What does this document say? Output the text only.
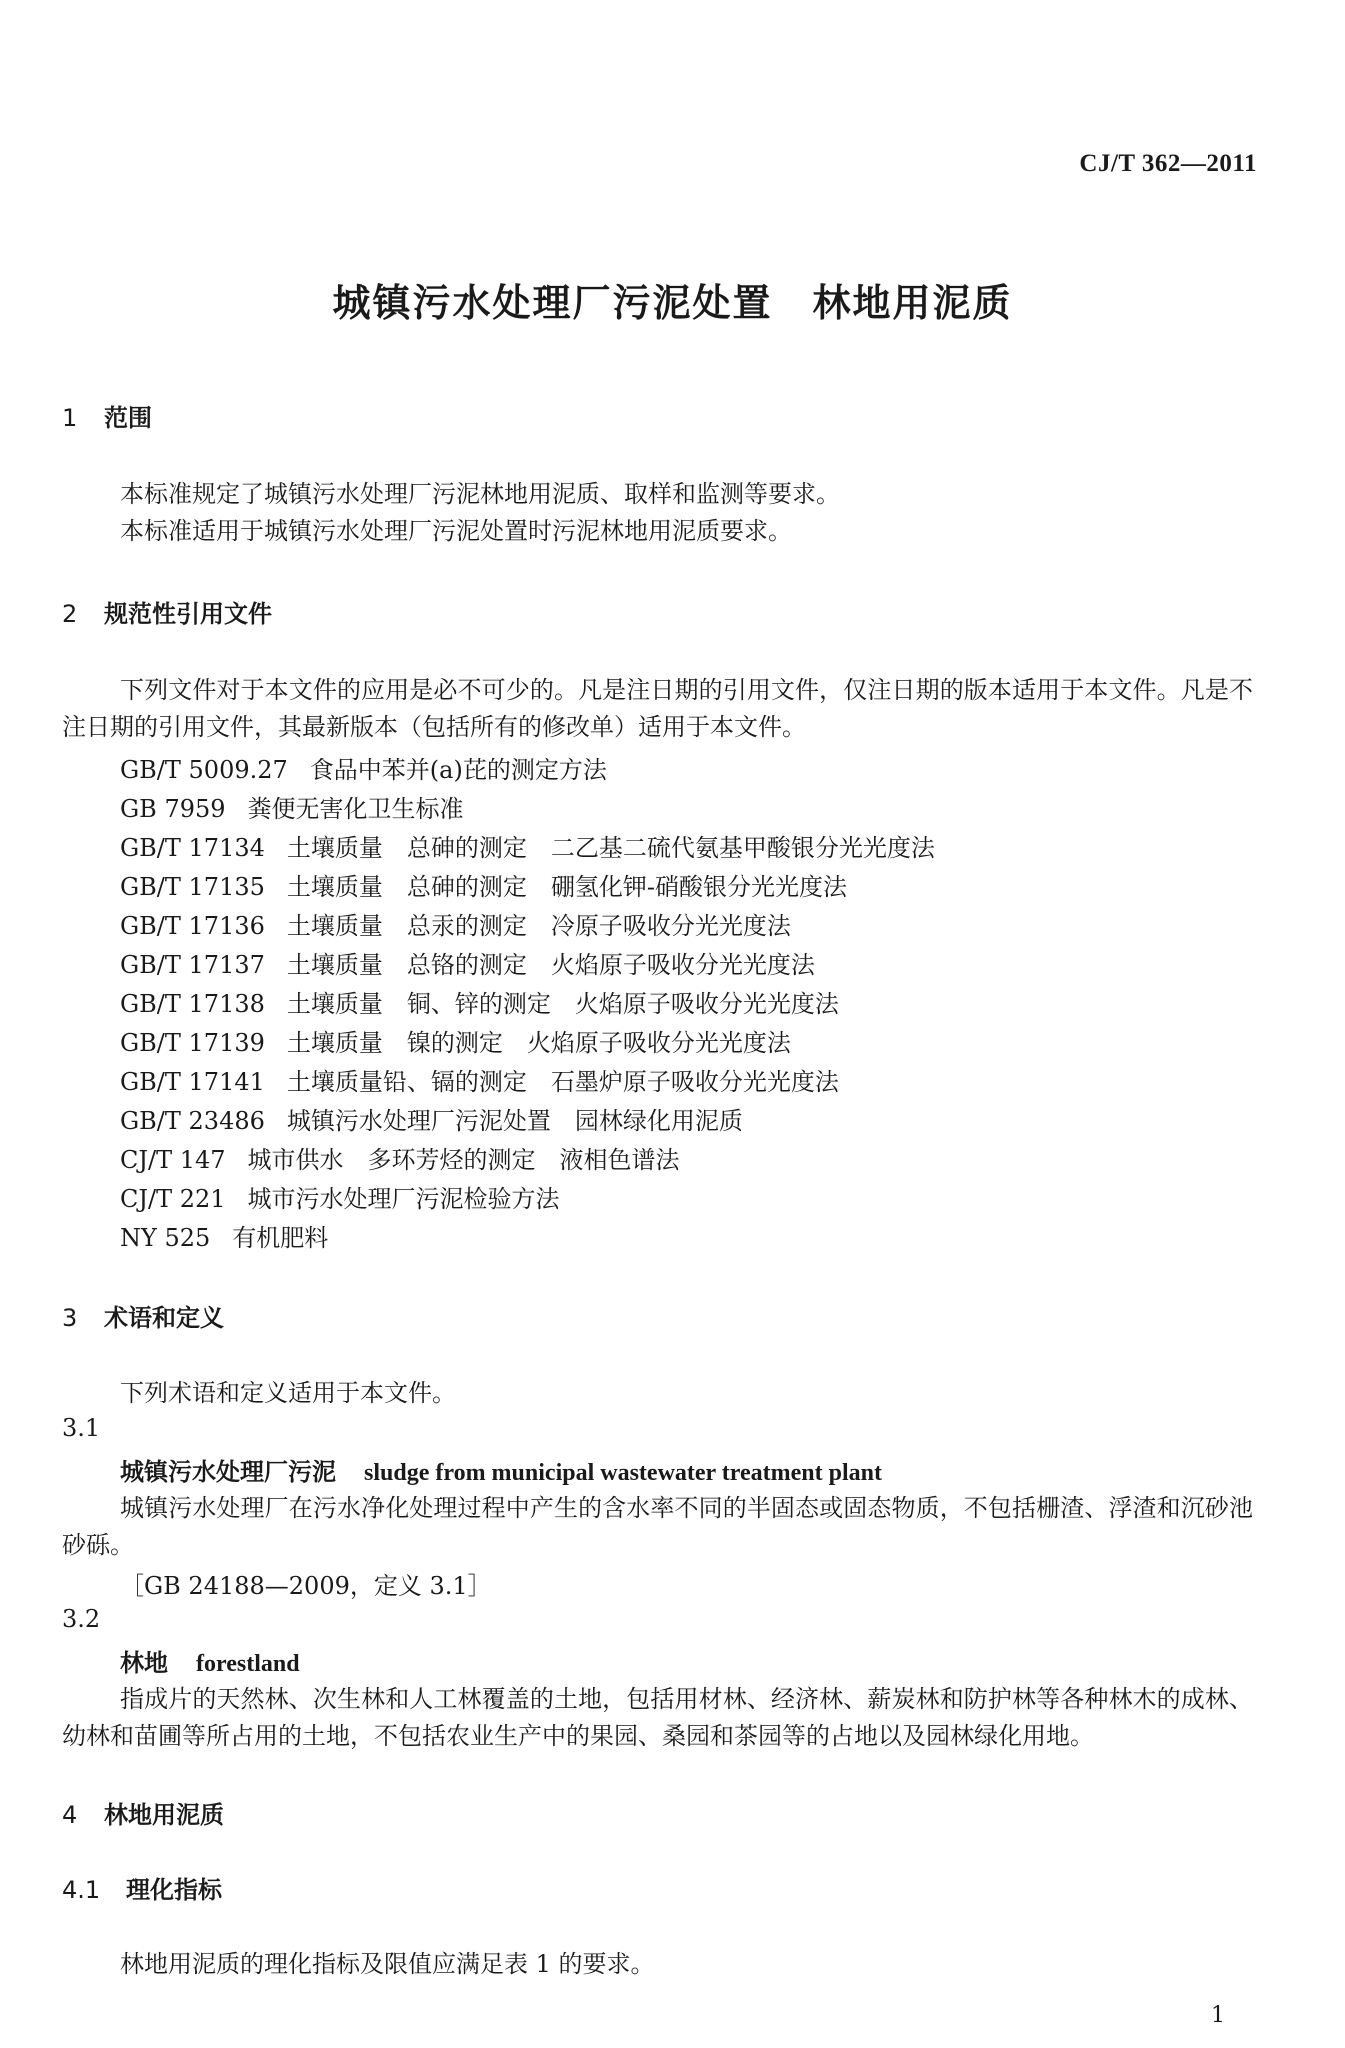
CJ/T 362—2011
城镇污水处理厂污泥处置 林地用泥质
1 范围
本标准规定了城镇污水处理厂污泥林地用泥质、取样和监测等要求。
本标准适用于城镇污水处理厂污泥处置时污泥林地用泥质要求。
2 规范性引用文件
下列文件对于本文件的应用是必不可少的。凡是注日期的引用文件，仅注日期的版本适用于本文件。凡是不注日期的引用文件，其最新版本（包括所有的修改单）适用于本文件。
GB/T 5009.27 食品中苯并(a)芘的测定方法
GB 7959 粪便无害化卫生标准
GB/T 17134 土壤质量　总砷的测定　二乙基二硫代氨基甲酸银分光光度法
GB/T 17135 土壤质量　总砷的测定　硼氢化钾-硝酸银分光光度法
GB/T 17136 土壤质量　总汞的测定　冷原子吸收分光光度法
GB/T 17137 土壤质量　总铬的测定　火焰原子吸收分光光度法
GB/T 17138 土壤质量　铜、锌的测定　火焰原子吸收分光光度法
GB/T 17139 土壤质量　镍的测定　火焰原子吸收分光光度法
GB/T 17141 土壤质量铅、镉的测定　石墨炉原子吸收分光光度法
GB/T 23486 城镇污水处理厂污泥处置　园林绿化用泥质
CJ/T 147 城市供水　多环芳烃的测定　液相色谱法
CJ/T 221 城市污水处理厂污泥检验方法
NY 525 有机肥料
3 术语和定义
下列术语和定义适用于本文件。
3.1
城镇污水处理厂污泥 sludge from municipal wastewater treatment plant
城镇污水处理厂在污水净化处理过程中产生的含水率不同的半固态或固态物质，不包括栅渣、浮渣和沉砂池砂砾。
［GB 24188—2009，定义 3.1］
3.2
林地 forestland
指成片的天然林、次生林和人工林覆盖的土地，包括用材林、经济林、薪炭林和防护林等各种林木的成林、幼林和苗圃等所占用的土地，不包括农业生产中的果园、桑园和茶园等的占地以及园林绿化用地。
4 林地用泥质
4.1 理化指标
林地用泥质的理化指标及限值应满足表 1 的要求。
1
